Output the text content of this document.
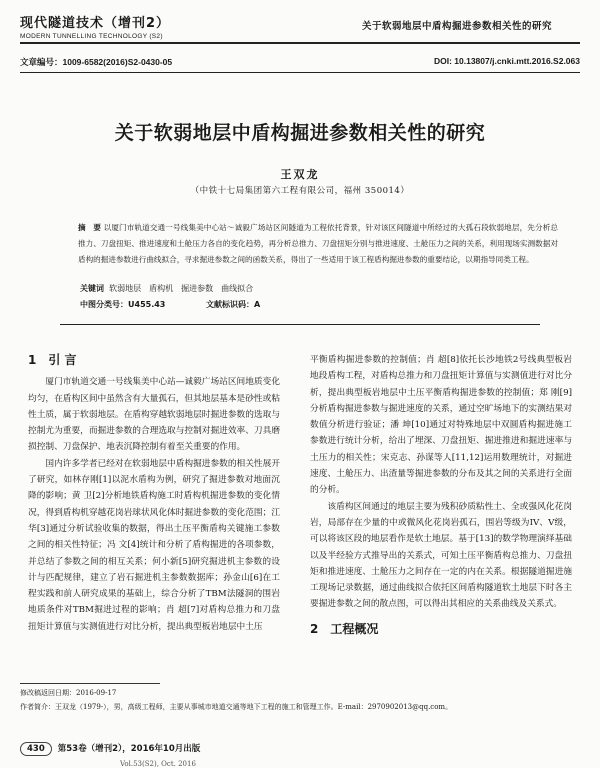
现代隧道技术（增刊2）
MODERN TUNNELLING TECHNOLOGY (S2)
关于软弱地层中盾构掘进参数相关性的研究
文章编号：1009-6582(2016)S2-0430-05	DOI: 10.13807/j.cnki.mtt.2016.S2.063
关于软弱地层中盾构掘进参数相关性的研究
王双龙
（中铁十七局集团第六工程有限公司，福州 350014）
摘　要 以厦门市轨道交通一号线集美中心站～诚毅广场站区间隧道为工程依托背景，针对该区间隧道中所经过的大孤石段软弱地层，先分析总推力、刀盘扭矩、推进速度和土舱压力各自的变化趋势，再分析总推力、刀盘扭矩分别与推进速度、土舱压力之间的关系，利用现场实测数据对盾构的掘进参数进行曲线拟合，寻求掘进参数之间的函数关系，得出了一些适用于该工程盾构掘进参数的重要结论，以期指导同类工程。
关键词 软弱地层　盾构机　掘进参数　曲线拟合
中图分类号：U455.43	文献标识码：A
1 引 言

厦门市轨道交通一号线集美中心站—诚毅广场站区间地质变化均匀，在盾构区间中虽然含有大量孤石，但其地层基本是砂性或粘性土质，属于软弱地层。在盾构穿越软弱地层时掘进参数的选取与控制尤为重要，而掘进参数的合理选取与控制对掘进效率、刀具磨损控制、刀盘保护、地表沉降控制有着至关重要的作用。

国内许多学者已经对在软弱地层中盾构掘进参数的相关性展开了研究，如林存刚[1]以泥水盾构为例，研究了掘进参数对地面沉降的影响；黄 卫[2]分析地铁盾构施工时盾构机掘进参数的变化情况，得到盾构机穿越花岗岩球状风化体时掘进参数的变化范围；江 华[3]通过分析试验收集的数据，得出土压平衡盾构关键施工参数之间的相关性特征；冯 文[4]统计和分析了盾构掘进的各项参数，并总结了参数之间的相互关系；何小新[5]研究掘进机主参数的设计与匹配规律，建立了岩石掘进机主参数数据库；孙金山[6]在工程实践和前人研究成果的基础上，综合分析了TBM法隧洞的围岩地质条件对TBM掘进过程的影响；肖 超[7]对盾构总推力和刀盘扭矩计算值与实测值进行对比分析，提出典型板岩地层中土压

平衡盾构掘进参数的控制值；肖 超[8]依托长沙地铁2号线典型板岩地段盾构工程，对盾构总推力和刀盘扭矩计算值与实测值进行对比分析，提出典型板岩地层中土压平衡盾构掘进参数的控制值；郑 刚[9]分析盾构掘进参数与掘进速度的关系，通过空旷场地下的实测结果对数值分析进行验证；潘 坤[10]通过对特殊地层中双圆盾构掘进施工参数进行统计分析，给出了埋深、刀盘扭矩、掘进推进和掘进速率与土压力的相关性；宋克志、孙谋等人[11,12]运用数理统计，对掘进速度、土舱压力、出渣量等掘进参数的分布及其之间的关系进行全面的分析。

该盾构区间通过的地层主要为残积砂质粘性土、全或强风化花岗岩，局部存在少量的中或微风化花岗岩孤石，围岩等级为IV、V级，可以将该区段的地层看作是软土地层。基于[13]的数学物理演绎基础以及半经验方式推导出的关系式，可知土压平衡盾构总推力、刀盘扭矩和推进速度、土舱压力之间存在一定的内在关系。根据隧道掘进施工现场记录数据，通过曲线拟合依托区间盾构隧道软土地层下时各主要掘进参数之间的散点图，可以得出其相应的关系曲线及关系式。

2 工程概况
修改稿返回日期：2016-09-17
作者简介：王双龙（1979-），男，高级工程师，主要从事城市地道交通等地下工程的施工和管理工作。E-mail：2970902013@qq.com。
430 第53卷（增刊2），2016年10月出版
Vol.53(S2), Oct. 2016
